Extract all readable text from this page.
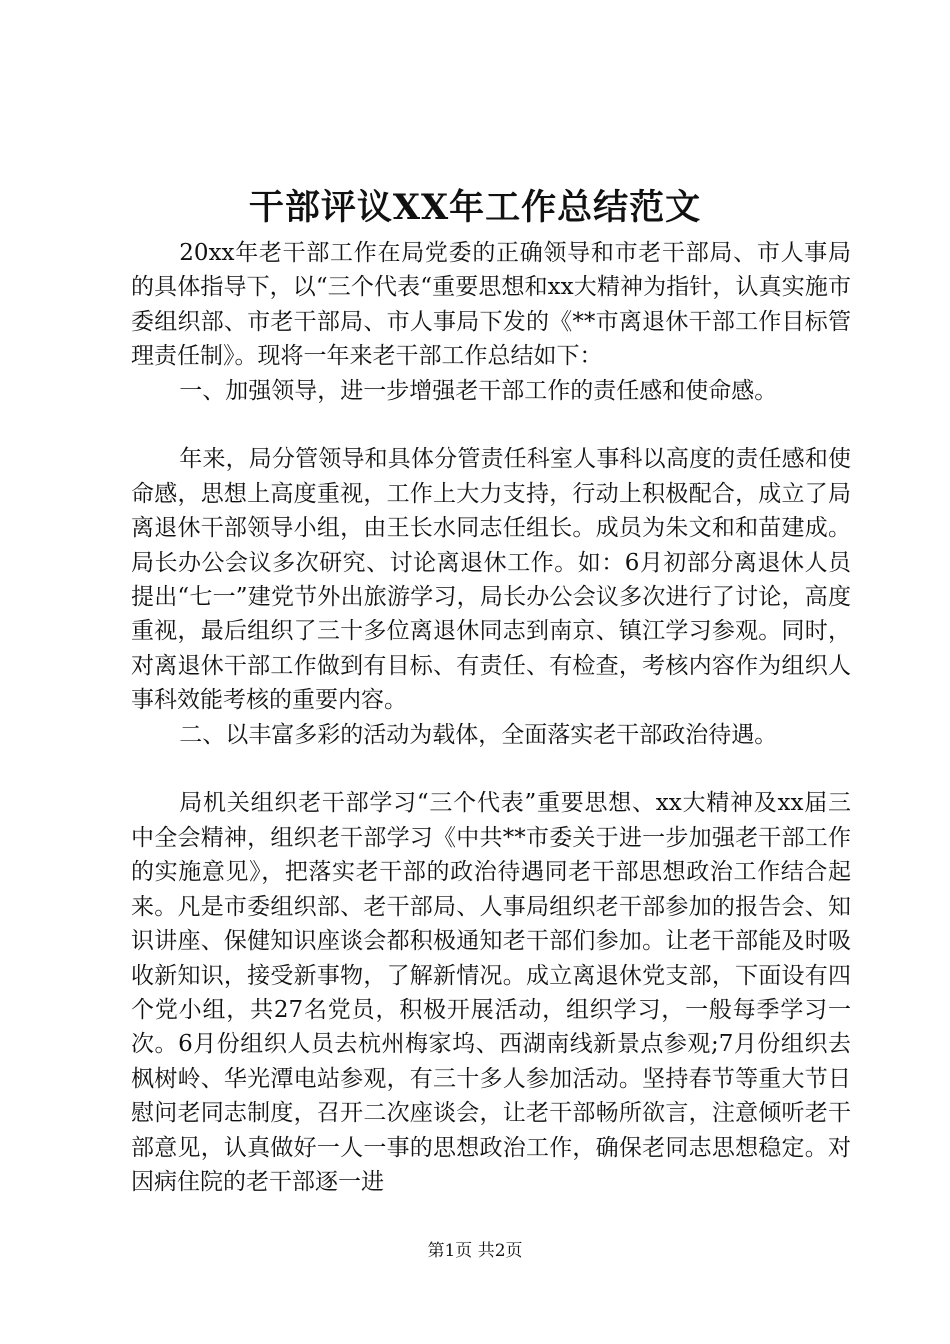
干部评议XX年工作总结范文

20xx年老干部工作在局党委的正确领导和市老干部局、市人事局的具体指导下，以“三个代表“重要思想和xx大精神为指针，认真实施市委组织部、市老干部局、市人事局下发的《**市离退休干部工作目标管理责任制》。现将一年来老干部工作总结如下：

一、加强领导，进一步增强老干部工作的责任感和使命感。

年来，局分管领导和具体分管责任科室人事科以高度的责任感和使命感，思想上高度重视，工作上大力支持，行动上积极配合，成立了局离退休干部领导小组，由王长水同志任组长。成员为朱文和和苗建成。局长办公会议多次研究、讨论离退休工作。如：6月初部分离退休人员提出“七一”建党节外出旅游学习，局长办公会议多次进行了讨论，高度重视，最后组织了三十多位离退休同志到南京、镇江学习参观。同时，对离退休干部工作做到有目标、有责任、有检查，考核内容作为组织人事科效能考核的重要内容。

二、以丰富多彩的活动为载体，全面落实老干部政治待遇。

局机关组织老干部学习“三个代表”重要思想、xx大精神及xx届三中全会精神，组织老干部学习《中共**市委关于进一步加强老干部工作的实施意见》，把落实老干部的政治待遇同老干部思想政治工作结合起来。凡是市委组织部、老干部局、人事局组织老干部参加的报告会、知识讲座、保健知识座谈会都积极通知老干部们参加。让老干部能及时吸收新知识，接受新事物，了解新情况。成立离退休党支部，下面设有四个党小组，共27名党员，积极开展活动，组织学习，一般每季学习一次。6月份组织人员去杭州梅家坞、西湖南线新景点参观;7月份组织去枫树岭、华光潭电站参观，有三十多人参加活动。坚持春节等重大节日慰问老同志制度，召开二次座谈会，让老干部畅所欲言，注意倾听老干部意见，认真做好一人一事的思想政治工作，确保老同志思想稳定。对因病住院的老干部逐一进

第1页 共2页
